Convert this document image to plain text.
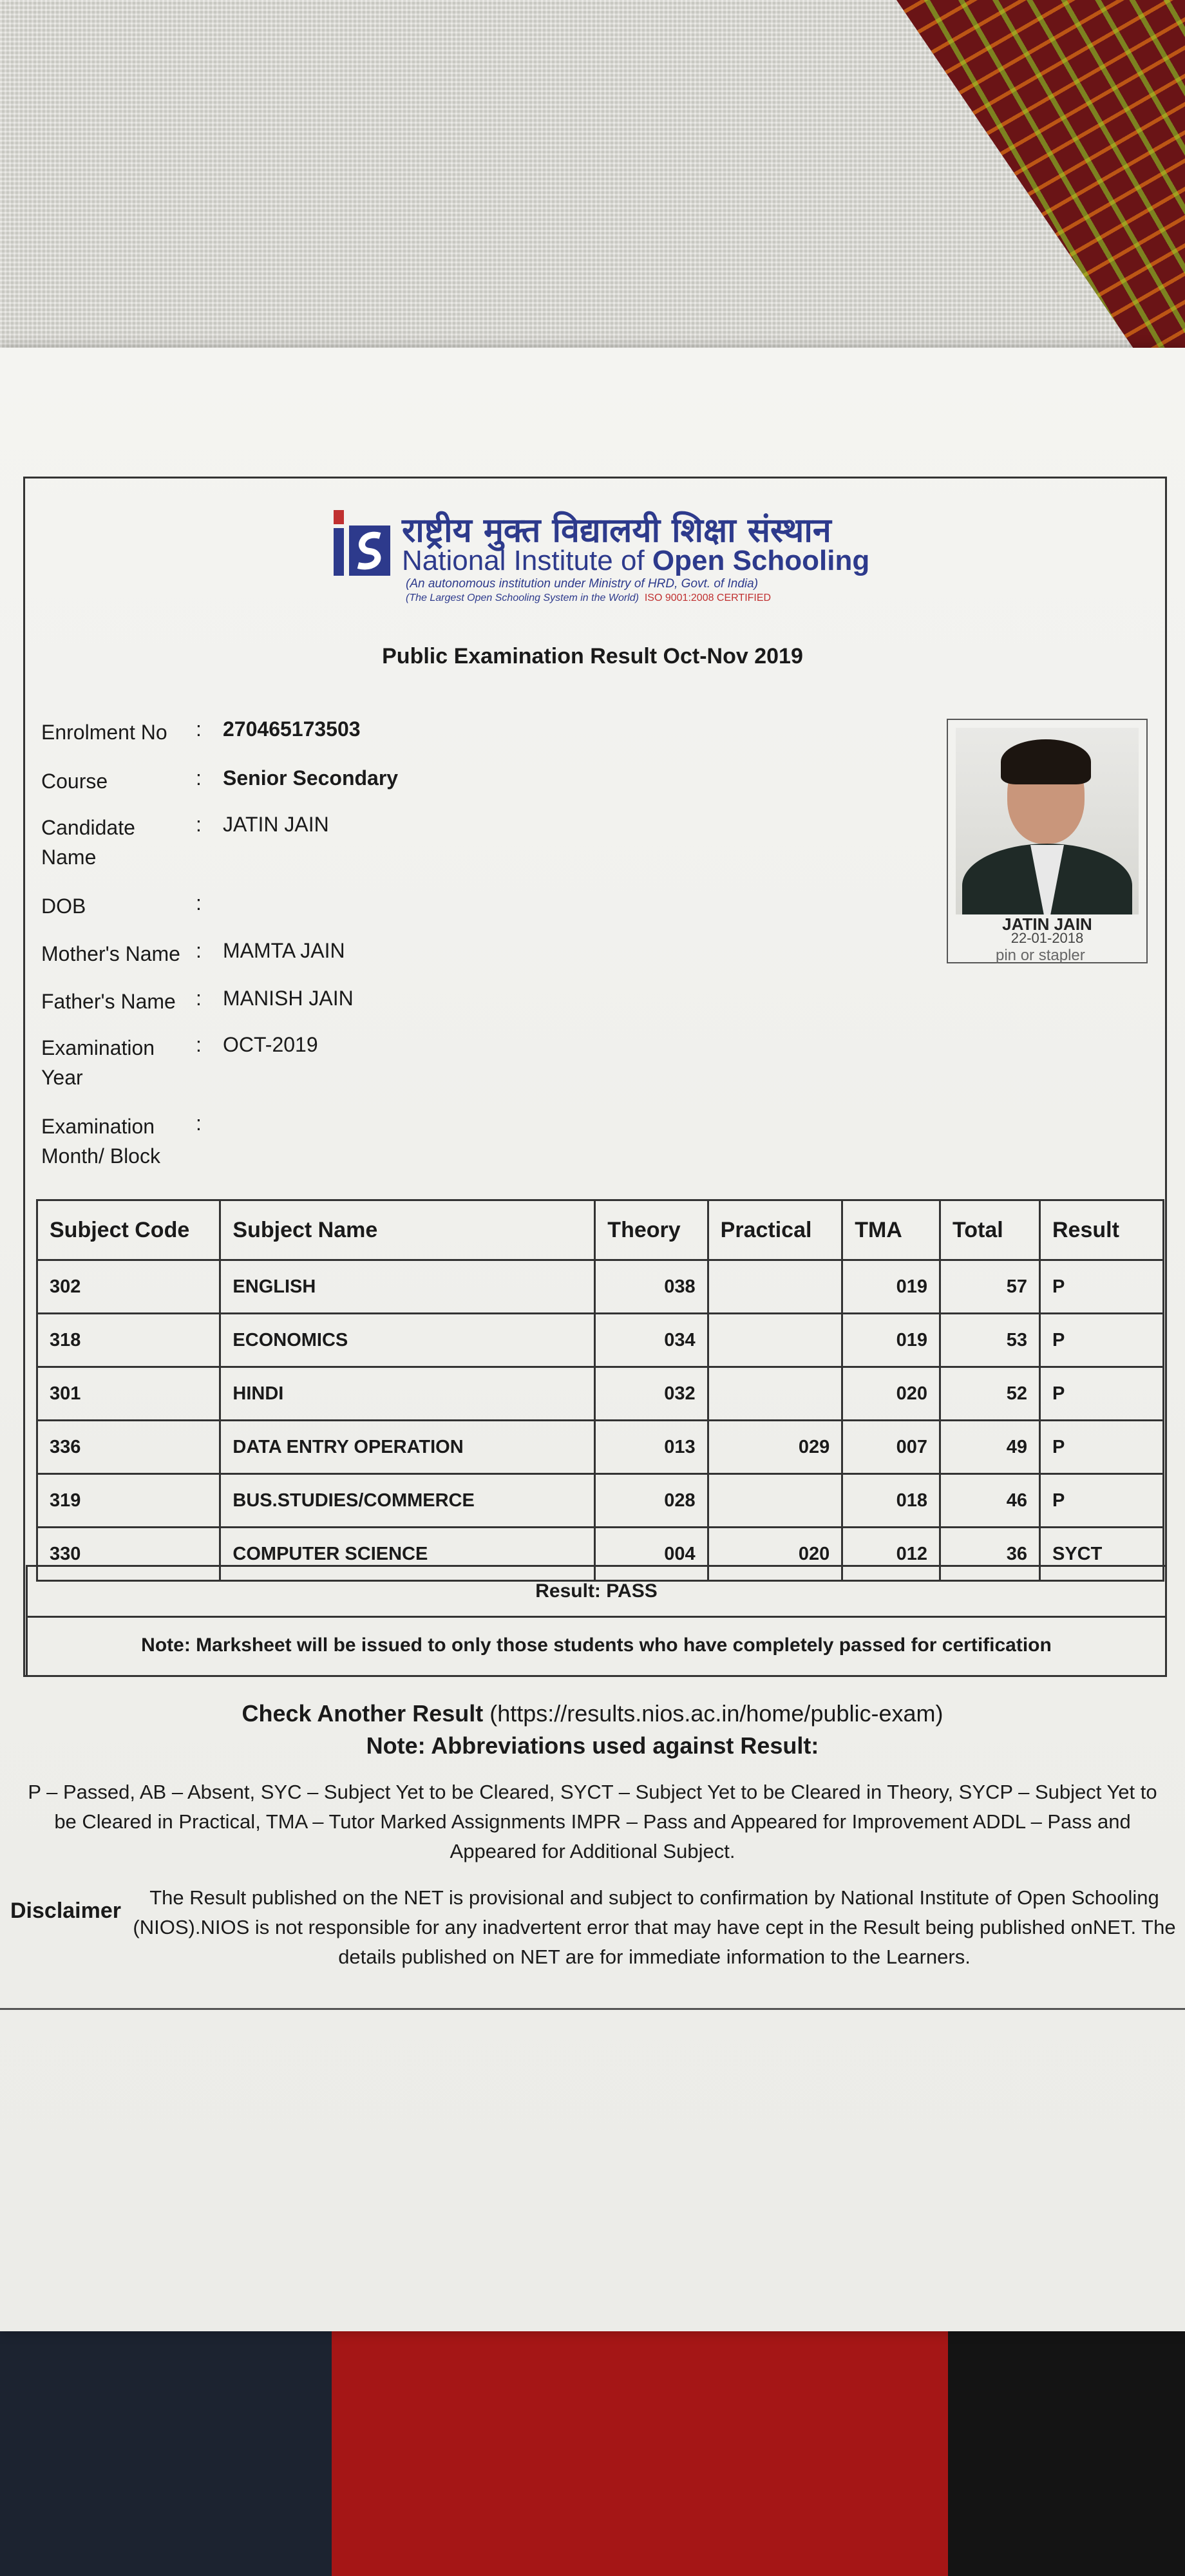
राष्ट्रीय मुक्त विद्यालयी शिक्षा संस्थान
National Institute of Open Schooling
(An autonomous institution under Ministry of HRD, Govt. of India)
(The Largest Open Schooling System in the World) ISO 9001:2008 CERTIFIED
Public Examination Result Oct-Nov 2019
Enrolment No	: 270465173503
Course	: Senior Secondary
Candidate Name
: JATIN JAIN
DOB	:
Mother's Name : MAMTA JAIN
Father's Name : MANISH JAIN
Examination Year
: OCT-2019
Examination Month/ Block
:
JATIN JAIN
22-01-2018
pin or stapler
Subject Code	Subject Name	Theory	Practical	TMA	Total	Result
302	ENGLISH	038		019	57	P
318	ECONOMICS	034		019	53	P
301	HINDI	032		020	52	P
336	DATA ENTRY OPERATION	013	029	007	49	P
319	BUS.STUDIES/COMMERCE	028		018	46	P
330	COMPUTER SCIENCE	004	020	012	36	SYCT
Result: PASS
Note: Marksheet will be issued to only those students who have completely passed for certification
Check Another Result (https://results.nios.ac.in/home/public-exam)
Note: Abbreviations used against Result:
P – Passed, AB – Absent, SYC – Subject Yet to be Cleared, SYCT – Subject Yet to be Cleared in Theory, SYCP – Subject Yet to be Cleared in Practical, TMA – Tutor Marked Assignments IMPR – Pass and Appeared for Improvement ADDL – Pass and Appeared for Additional Subject.
Disclaimer
The Result published on the NET is provisional and subject to confirmation by National Institute of Open Schooling (NIOS).NIOS is not responsible for any inadvertent error that may have cept in the Result being published onNET. The details published on NET are for immediate information to the Learners.
